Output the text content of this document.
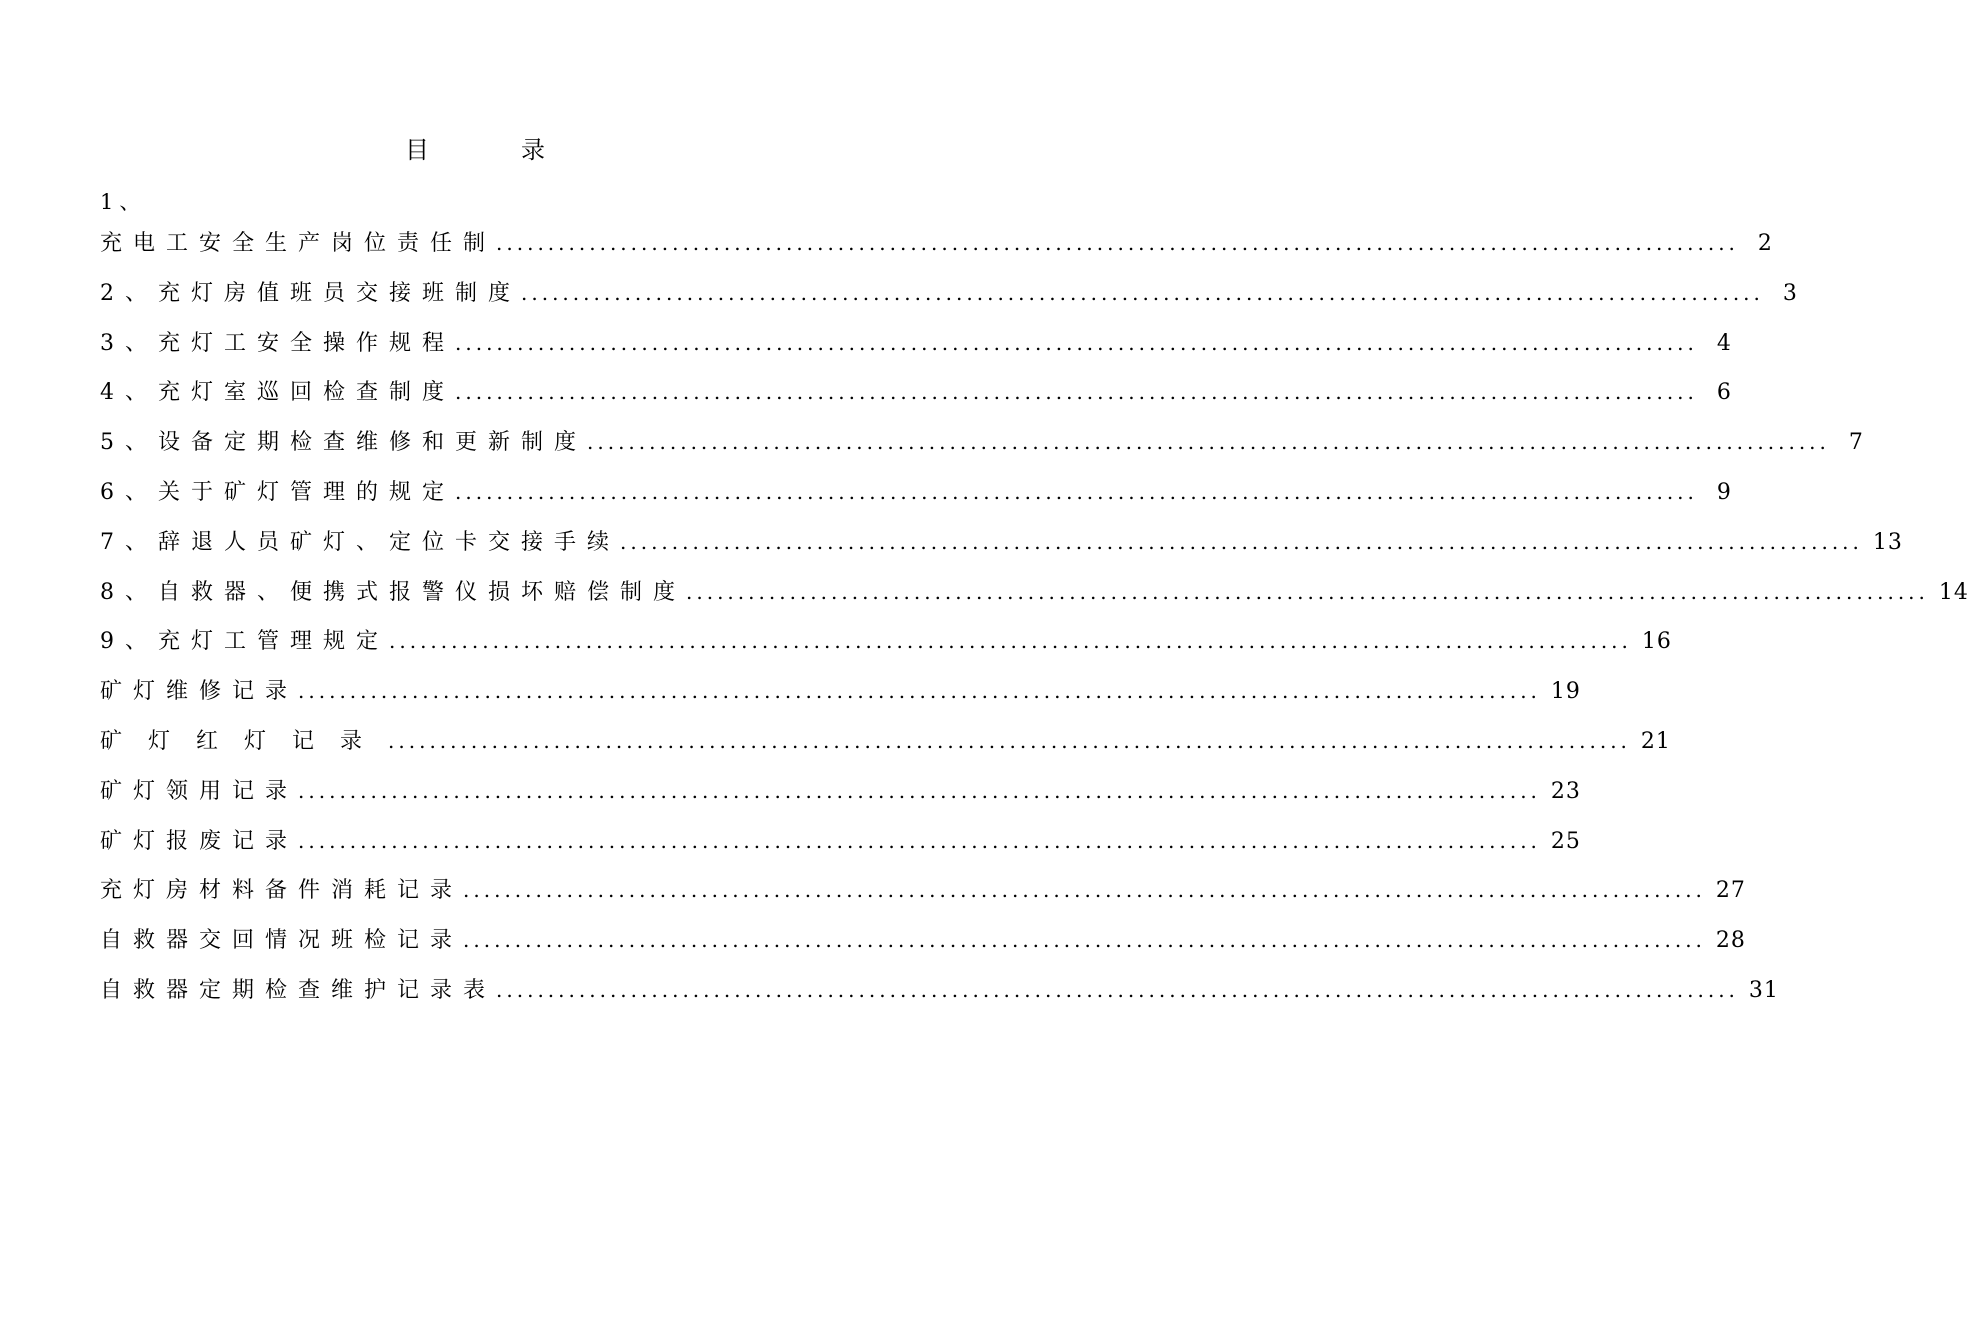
目录
1、
充电工安全生产岗位责任制 ........................................................................................................................ 2
2、充灯房值班员交接班制度 ........................................................................................................................ 3
3、充灯工安全操作规程 ........................................................................................................................ 4
4、充灯室巡回检查制度 ........................................................................................................................ 6
5、设备定期检查维修和更新制度 ........................................................................................................................ 7
6、关于矿灯管理的规定 ........................................................................................................................ 9
7、辞退人员矿灯、定位卡交接手续 ........................................................................................................................ 13
8、自救器、便携式报警仪损坏赔偿制度 ........................................................................................................................ 14
9、充灯工管理规定 ........................................................................................................................ 16
矿灯维修记录 ........................................................................................................................ 19
矿灯红灯记录 ........................................................................................................................ 21
矿灯领用记录 ........................................................................................................................ 23
矿灯报废记录 ........................................................................................................................ 25
充灯房材料备件消耗记录 ........................................................................................................................ 27
自救器交回情况班检记录 ........................................................................................................................ 28
自救器定期检查维护记录表 ........................................................................................................................ 31
